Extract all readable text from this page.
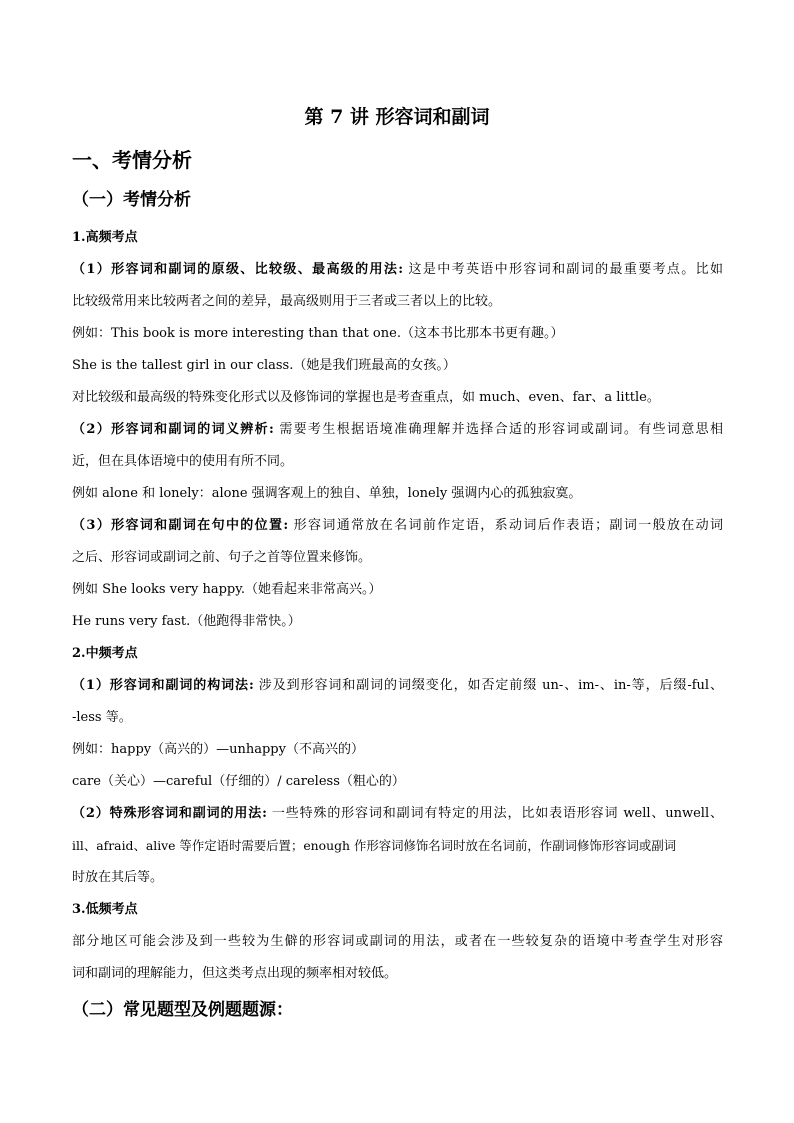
第 7 讲 形容词和副词
一、考情分析
（一）考情分析
1.高频考点
（1）形容词和副词的原级、比较级、最高级的用法: 这是中考英语中形容词和副词的最重要考点。比如
比较级常用来比较两者之间的差异，最高级则用于三者或三者以上的比较。
例如：This book is more interesting than that one.（这本书比那本书更有趣。）
She is the tallest girl in our class.（她是我们班最高的女孩。）
对比较级和最高级的特殊变化形式以及修饰词的掌握也是考查重点，如 much、even、far、a little。
（2）形容词和副词的词义辨析: 需要考生根据语境准确理解并选择合适的形容词或副词。有些词意思相
近，但在具体语境中的使用有所不同。
例如 alone 和 lonely：alone 强调客观上的独自、单独，lonely 强调内心的孤独寂寞。
（3）形容词和副词在句中的位置: 形容词通常放在名词前作定语，系动词后作表语；副词一般放在动词
之后、形容词或副词之前、句子之首等位置来修饰。
例如 She looks very happy.（她看起来非常高兴。）
He runs very fast.（他跑得非常快。）
2.中频考点
（1）形容词和副词的构词法: 涉及到形容词和副词的词缀变化，如否定前缀 un-、im-、in-等，后缀-ful、
-less 等。
例如：happy（高兴的）—unhappy（不高兴的）
care（关心）—careful（仔细的）/ careless（粗心的）
（2）特殊形容词和副词的用法: 一些特殊的形容词和副词有特定的用法，比如表语形容词 well、unwell、
ill、afraid、alive 等作定语时需要后置；enough 作形容词修饰名词时放在名词前，作副词修饰形容词或副词
时放在其后等。
3.低频考点
部分地区可能会涉及到一些较为生僻的形容词或副词的用法，或者在一些较复杂的语境中考查学生对形容
词和副词的理解能力，但这类考点出现的频率相对较低。
（二）常见题型及例题题源：
